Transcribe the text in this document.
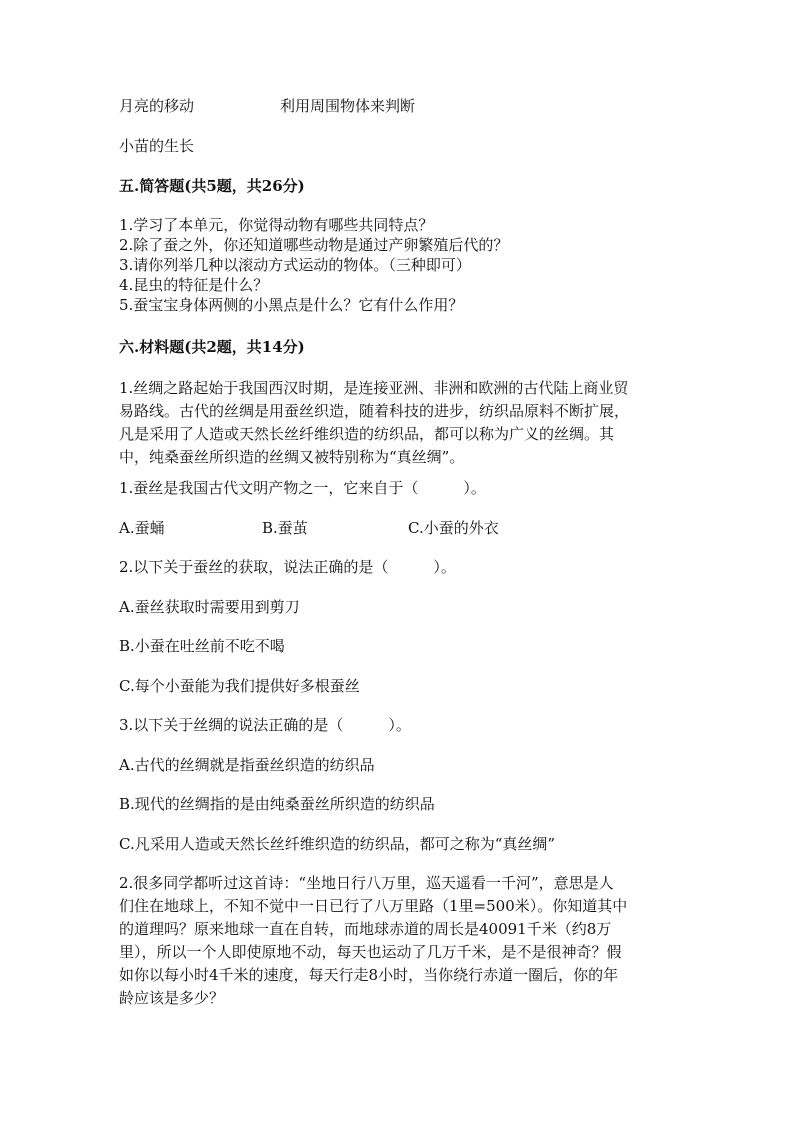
月亮的移动	利用周围物体来判断
小苗的生长
五.简答题(共5题，共26分)
1.学习了本单元，你觉得动物有哪些共同特点？
2.除了蚕之外，你还知道哪些动物是通过产卵繁殖后代的？
3.请你列举几种以滚动方式运动的物体。（三种即可）
4.昆虫的特征是什么？
5.蚕宝宝身体两侧的小黑点是什么？它有什么作用？
六.材料题(共2题，共14分)
1.丝绸之路起始于我国西汉时期，是连接亚洲、非洲和欧洲的古代陆上商业贸
易路线。古代的丝绸是用蚕丝织造，随着科技的进步，纺织品原料不断扩展，
凡是采用了人造或天然长丝纤维织造的纺织品，都可以称为广义的丝绸。其
中，纯桑蚕丝所织造的丝绸又被特别称为“真丝绸”。
1.蚕丝是我国古代文明产物之一，它来自于（　　　）。
A.蚕蛹	B.蚕茧	C.小蚕的外衣
2.以下关于蚕丝的获取，说法正确的是（　　　）。
A.蚕丝获取时需要用到剪刀
B.小蚕在吐丝前不吃不喝
C.每个小蚕能为我们提供好多根蚕丝
3.以下关于丝绸的说法正确的是（　　　）。
A.古代的丝绸就是指蚕丝织造的纺织品
B.现代的丝绸指的是由纯桑蚕丝所织造的纺织品
C.凡采用人造或天然长丝纤维织造的纺织品，都可之称为“真丝绸”
2.很多同学都听过这首诗：“坐地日行八万里，巡天遥看一千河”，意思是人
们住在地球上，不知不觉中一日已行了八万里路（1里=500米）。你知道其中
的道理吗？原来地球一直在自转，而地球赤道的周长是40091千米（约8万
里），所以一个人即使原地不动，每天也运动了几万千米，是不是很神奇？假
如你以每小时4千米的速度，每天行走8小时，当你绕行赤道一圈后，你的年
龄应该是多少？
